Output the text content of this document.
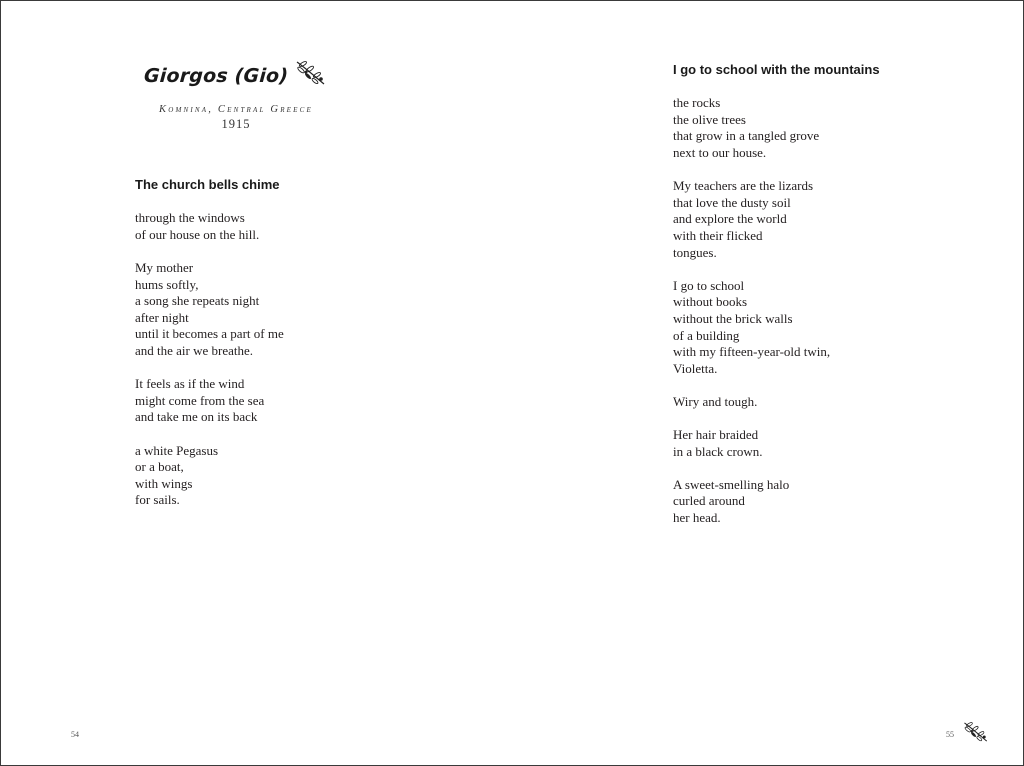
Giorgos (Gio)
Komnina, Central Greece
1915
The church bells chime
through the windows
of our house on the hill.
My mother
hums softly,
a song she repeats night
after night
until it becomes a part of me
and the air we breathe.
It feels as if the wind
might come from the sea
and take me on its back
a white Pegasus
or a boat,
with wings
for sails.
54
I go to school with the mountains
the rocks
the olive trees
that grow in a tangled grove
next to our house.
My teachers are the lizards
that love the dusty soil
and explore the world
with their flicked
tongues.
I go to school
without books
without the brick walls
of a building
with my fifteen-year-old twin,
Violetta.
Wiry and tough.
Her hair braided
in a black crown.
A sweet-smelling halo
curled around
her head.
55
